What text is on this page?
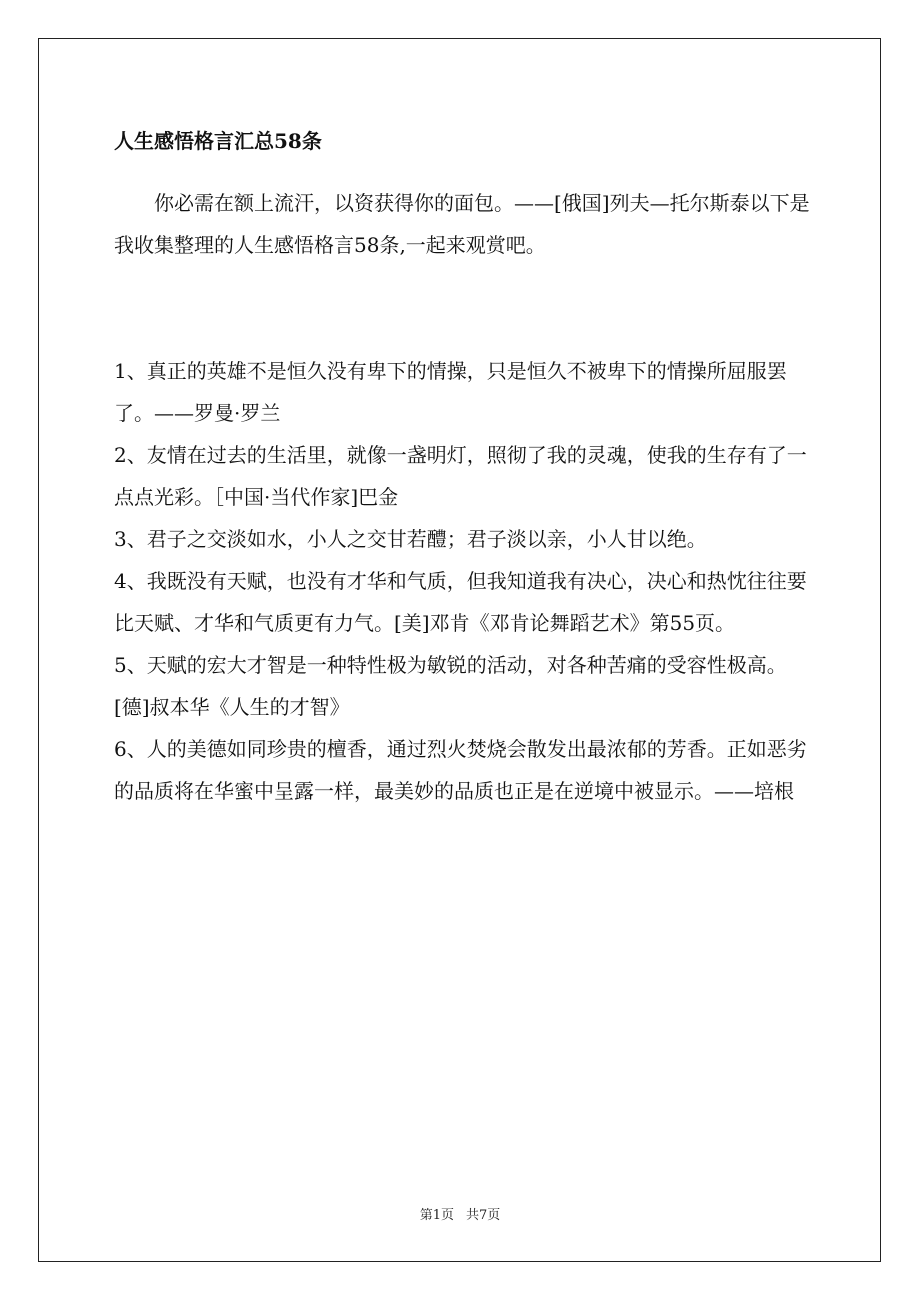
人生感悟格言汇总58条

你必需在额上流汗，以资获得你的面包。——[俄国]列夫—托尔斯泰以下是我收集整理的人生感悟格言58条,一起来观赏吧。

1、真正的英雄不是恒久没有卑下的情操，只是恒久不被卑下的情操所屈服罢了。——罗曼·罗兰

2、友情在过去的生活里，就像一盏明灯，照彻了我的灵魂，使我的生存有了一点点光彩。［中国·当代作家]巴金

3、君子之交淡如水，小人之交甘若醴；君子淡以亲，小人甘以绝。

4、我既没有天赋，也没有才华和气质，但我知道我有决心，决心和热忱往往要比天赋、才华和气质更有力气。[美]邓肯《邓肯论舞蹈艺术》第55页。

5、天赋的宏大才智是一种特性极为敏锐的活动，对各种苦痛的受容性极高。[德]叔本华《人生的才智》

6、人的美德如同珍贵的檀香，通过烈火焚烧会散发出最浓郁的芳香。正如恶劣的品质将在华蜜中呈露一样，最美妙的品质也正是在逆境中被显示。——培根

第1页 共7页
